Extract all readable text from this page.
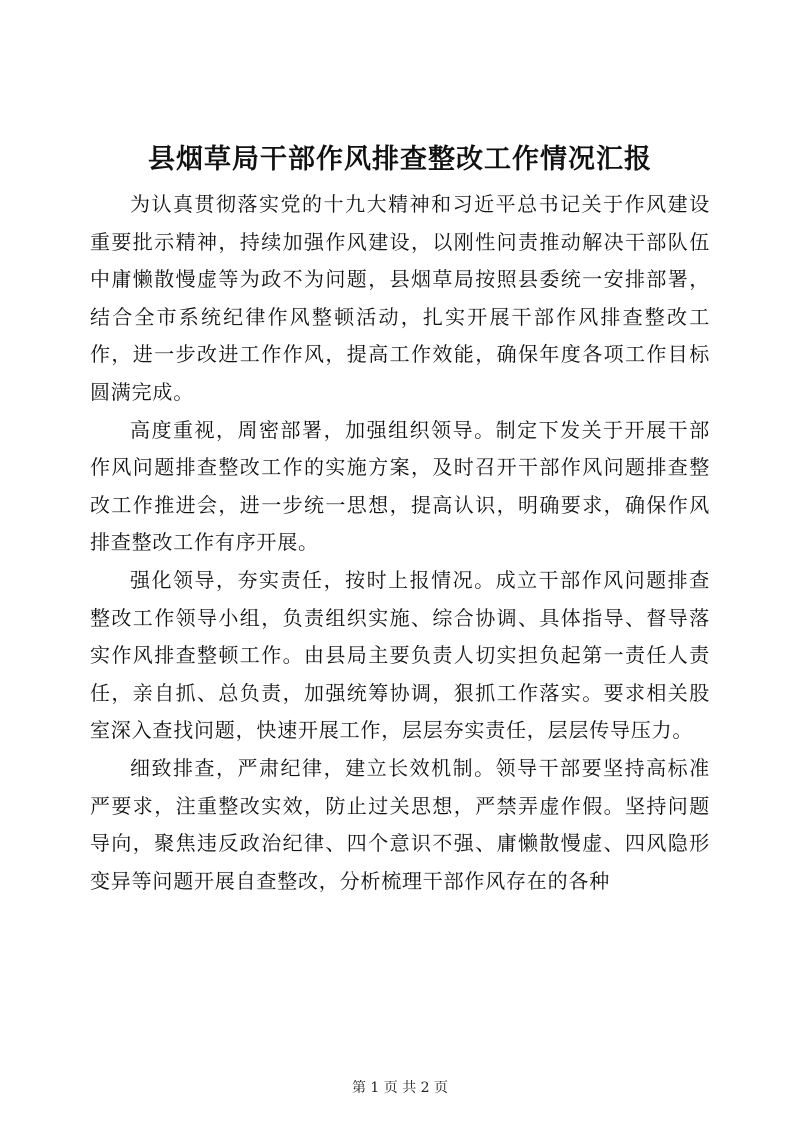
县烟草局干部作风排查整改工作情况汇报

为认真贯彻落实党的十九大精神和习近平总书记关于作风建设重要批示精神，持续加强作风建设，以刚性问责推动解决干部队伍中庸懒散慢虚等为政不为问题，县烟草局按照县委统一安排部署，结合全市系统纪律作风整顿活动，扎实开展干部作风排查整改工作，进一步改进工作作风，提高工作效能，确保年度各项工作目标圆满完成。

高度重视，周密部署，加强组织领导。制定下发关于开展干部作风问题排查整改工作的实施方案，及时召开干部作风问题排查整改工作推进会，进一步统一思想，提高认识，明确要求，确保作风排查整改工作有序开展。

强化领导，夯实责任，按时上报情况。成立干部作风问题排查整改工作领导小组，负责组织实施、综合协调、具体指导、督导落实作风排查整顿工作。由县局主要负责人切实担负起第一责任人责任，亲自抓、总负责，加强统筹协调，狠抓工作落实。要求相关股室深入查找问题，快速开展工作，层层夯实责任，层层传导压力。

细致排查，严肃纪律，建立长效机制。领导干部要坚持高标准严要求，注重整改实效，防止过关思想，严禁弄虚作假。坚持问题导向，聚焦违反政治纪律、四个意识不强、庸懒散慢虚、四风隐形变异等问题开展自查整改，分析梳理干部作风存在的各种

第 1 页 共 2 页
